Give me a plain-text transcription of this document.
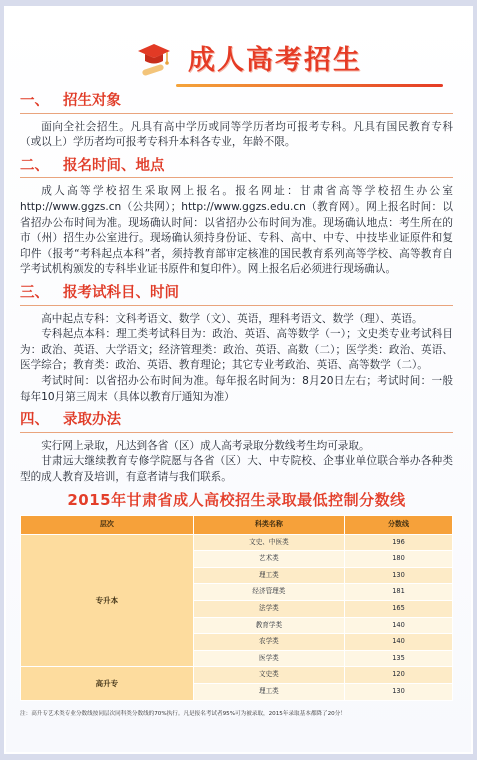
成人高考招生
一、 招生对象

面向全社会招生。凡具有高中学历或同等学历者均可报考专科。凡具有国民教育专科（或以上）学历者均可报考专科升本科各专业，年龄不限。

二、 报名时间、地点

成人高等学校招生采取网上报名。报名网址：甘肃省高等学校招生办公室http://www.ggzs.cn（公共网）；http://www.ggzs.edu.cn（教育网）。网上报名时间：以省招办公布时间为准。现场确认时间：以省招办公布时间为准。现场确认地点：考生所在的市（州）招生办公室进行。现场确认须持身份证、专科、高中、中专、中技毕业证原件和复印件（报考“考科起点本科”者，须持教育部审定核准的国民教育系列高等学校、高等教育自学考试机构颁发的专科毕业证书原件和复印件）。网上报名后必须进行现场确认。

三、 报考试科目、时间

高中起点专科：文科考语文、数学（文）、英语，理科考语文、数学（理）、英语。

专科起点本科：理工类考试科目为：政治、英语、高等数学（一）；文史类专业考试科目为：政治、英语、大学语文；经济管理类：政治、英语、高数（二）；医学类：政治、英语、医学综合；教育类：政治、英语、教育理论；其它专业考政治、英语、高等数学（二）。

考试时间：以省招办公布时间为准。每年报名时间为：8月20日左右；考试时间：一般每年10月第三周末（具体以教育厅通知为准）

四、 录取办法

实行网上录取，凡达到各省（区）成人高考录取分数线考生均可录取。

甘肃远大继续教育专修学院愿与各省（区）大、中专院校、企事业单位联合举办各种类型的成人教育及培训，有意者请与我们联系。

2015年甘肃省成人高校招生录取最低控制分数线
层次	科类名称	分数线
专升本	文史、中医类	196
	艺术类	180
	理工类	130
	经济管理类	181
	法学类	165
	教育学类	140
	农学类	140
	医学类	135
高升专	文史类	120
	理工类	130
注：高升专艺术类专业分数线按同层次同科类分数线的70%执行。凡是报名考试者95%可为被录取，2015年录取基本都降了20分！
